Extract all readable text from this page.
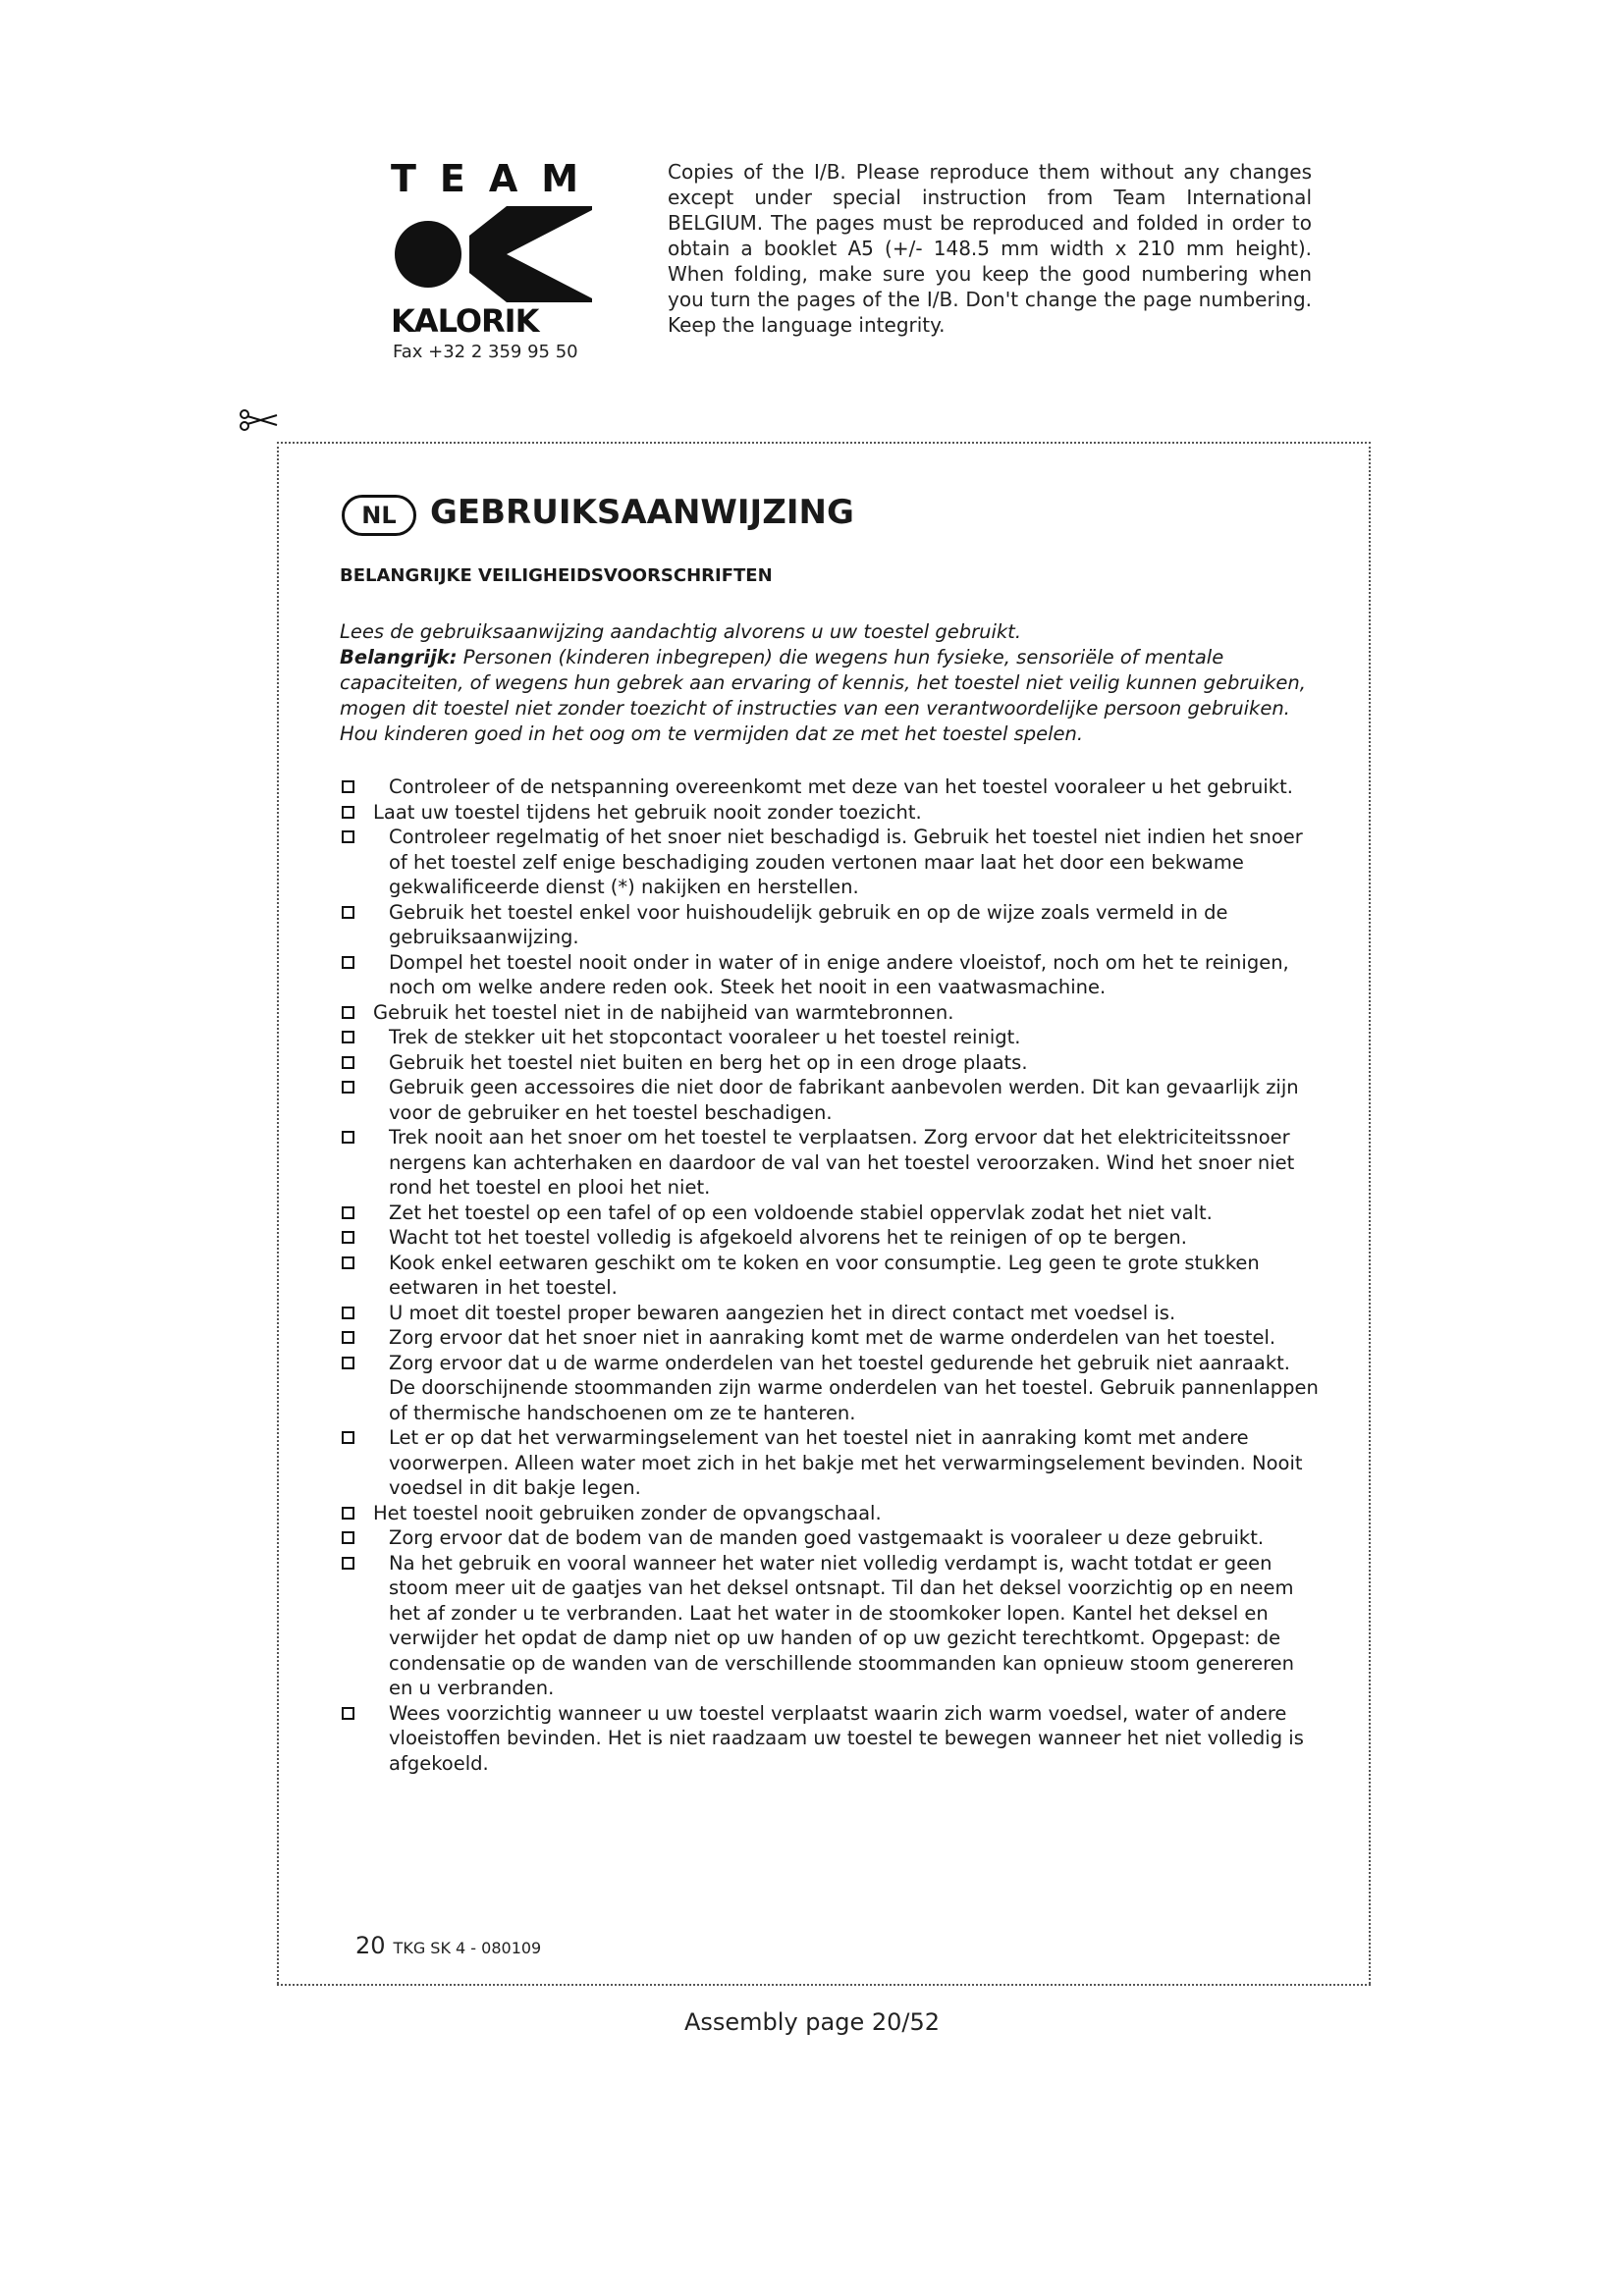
TEAM
KALORIK
Fax +32 2 359 95 50
Copies of the I/B. Please reproduce them without any changes except under special instruction from Team International BELGIUM. The pages must be reproduced and folded in order to obtain a booklet A5 (+/- 148.5 mm width x 210 mm height). When folding, make sure you keep the good numbering when you turn the pages of the I/B. Don't change the page numbering. Keep the language integrity.
NL	GEBRUIKSAANWIJZING
BELANGRIJKE VEILIGHEIDSVOORSCHRIFTEN
Lees de gebruiksaanwijzing aandachtig alvorens u uw toestel gebruikt.
Belangrijk: Personen (kinderen inbegrepen) die wegens hun fysieke, sensoriële of mentale capaciteiten, of wegens hun gebrek aan ervaring of kennis, het toestel niet veilig kunnen gebruiken, mogen dit toestel niet zonder toezicht of instructies van een verantwoordelijke persoon gebruiken. Hou kinderen goed in het oog om te vermijden dat ze met het toestel spelen.
Controleer of de netspanning overeenkomt met deze van het toestel vooraleer u het gebruikt.
Laat uw toestel tijdens het gebruik nooit zonder toezicht.
Controleer regelmatig of het snoer niet beschadigd is. Gebruik het toestel niet indien het snoer of het toestel zelf enige beschadiging zouden vertonen maar laat het door een bekwame gekwalificeerde dienst (*) nakijken en herstellen.
Gebruik het toestel enkel voor huishoudelijk gebruik en op de wijze zoals vermeld in de gebruiksaanwijzing.
Dompel het toestel nooit onder in water of in enige andere vloeistof, noch om het te reinigen, noch om welke andere reden ook. Steek het nooit in een vaatwasmachine.
Gebruik het toestel niet in de nabijheid van warmtebronnen.
Trek de stekker uit het stopcontact vooraleer u het toestel reinigt.
Gebruik het toestel niet buiten en berg het op in een droge plaats.
Gebruik geen accessoires die niet door de fabrikant aanbevolen werden. Dit kan gevaarlijk zijn voor de gebruiker en het toestel beschadigen.
Trek nooit aan het snoer om het toestel te verplaatsen. Zorg ervoor dat het elektriciteitssnoer nergens kan achterhaken en daardoor de val van het toestel veroorzaken. Wind het snoer niet rond het toestel en plooi het niet.
Zet het toestel op een tafel of op een voldoende stabiel oppervlak zodat het niet valt.
Wacht tot het toestel volledig is afgekoeld alvorens het te reinigen of op te bergen.
Kook enkel eetwaren geschikt om te koken en voor consumptie. Leg geen te grote stukken eetwaren in het toestel.
U moet dit toestel proper bewaren aangezien het in direct contact met voedsel is.
Zorg ervoor dat het snoer niet in aanraking komt met de warme onderdelen van het toestel.
Zorg ervoor dat u de warme onderdelen van het toestel gedurende het gebruik niet aanraakt. De doorschijnende stoommanden zijn warme onderdelen van het toestel. Gebruik pannenlappen of thermische handschoenen om ze te hanteren.
Let er op dat het verwarmingselement van het toestel niet in aanraking komt met andere voorwerpen. Alleen water moet zich in het bakje met het verwarmingselement bevinden. Nooit voedsel in dit bakje legen.
Het toestel nooit gebruiken zonder de opvangschaal.
Zorg ervoor dat de bodem van de manden goed vastgemaakt is vooraleer u deze gebruikt.
Na het gebruik en vooral wanneer het water niet volledig verdampt is, wacht totdat er geen stoom meer uit de gaatjes van het deksel ontsnapt. Til dan het deksel voorzichtig op en neem het af zonder u te verbranden. Laat het water in de stoomkoker lopen. Kantel het deksel en verwijder het opdat de damp niet op uw handen of op uw gezicht terechtkomt. Opgepast: de condensatie op de wanden van de verschillende stoommanden kan opnieuw stoom genereren en u verbranden.
Wees voorzichtig wanneer u uw toestel verplaatst waarin zich warm voedsel, water of andere vloeistoffen bevinden. Het is niet raadzaam uw toestel te bewegen wanneer het niet volledig is afgekoeld.
20 TKG SK 4 - 080109
Assembly page 20/52
